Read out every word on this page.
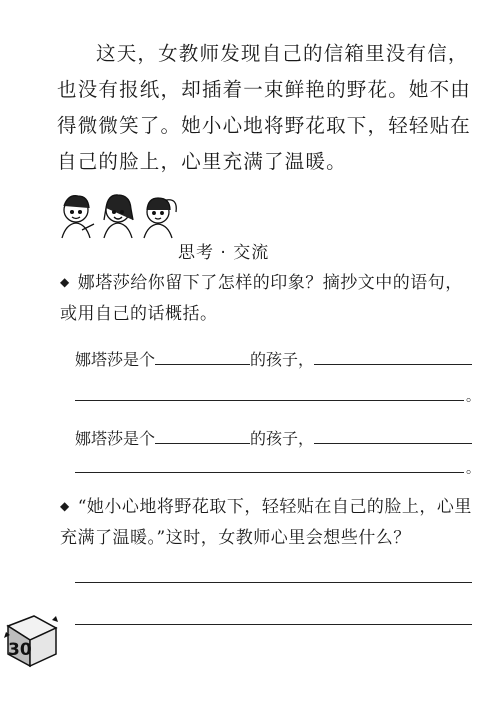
这天，女教师发现自己的信箱里没有信，也没有报纸，却插着一束鲜艳的野花。她不由得微微笑了。她小心地将野花取下，轻轻贴在自己的脸上，心里充满了温暖。

思考 · 交流
◆ 娜塔莎给你留下了怎样的印象？摘抄文中的语句，或用自己的话概括。
娜塔莎是个	的孩子，
。
娜塔莎是个	的孩子，
。
◆ “她小心地将野花取下，轻轻贴在自己的脸上，心里充满了温暖。”这时，女教师心里会想些什么？
30
